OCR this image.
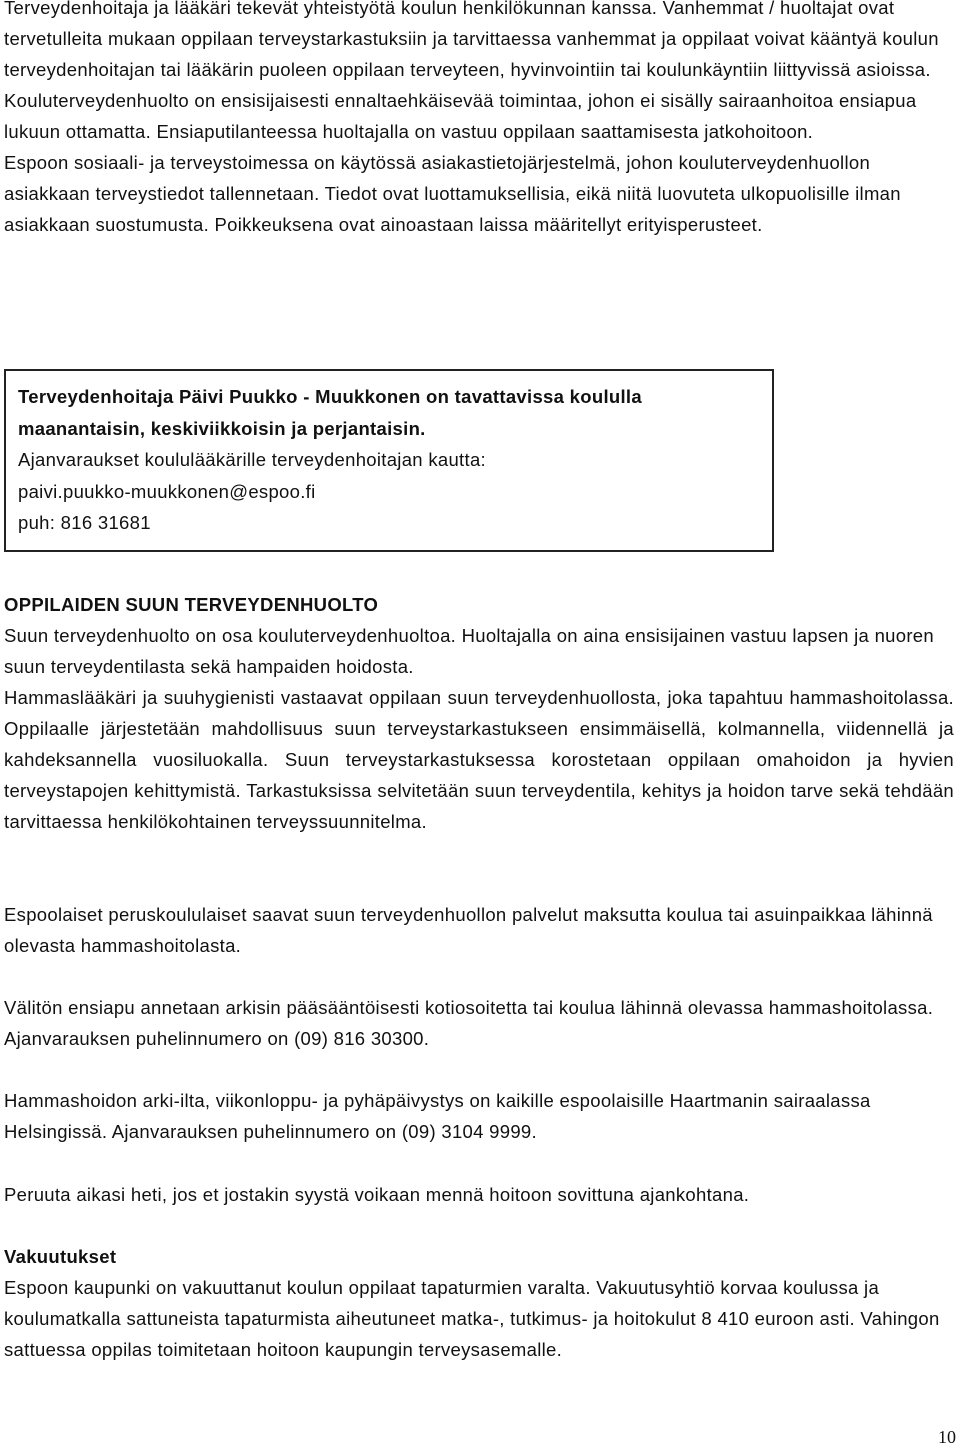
Terveydenhoitaja ja lääkäri tekevät yhteistyötä koulun henkilökunnan kanssa. Vanhemmat / huoltajat ovat tervetulleita mukaan oppilaan terveystarkastuksiin ja tarvittaessa vanhemmat ja oppilaat voivat kääntyä koulun terveydenhoitajan tai lääkärin puoleen oppilaan terveyteen, hyvinvointiin tai koulunkäyntiin liittyvissä asioissa.

Kouluterveydenhuolto on ensisijaisesti ennaltaehkäisevää toimintaa, johon ei sisälly sairaanhoitoa ensiapua lukuun ottamatta. Ensiaputilanteessa huoltajalla on vastuu oppilaan saattamisesta jatkohoitoon.

Espoon sosiaali- ja terveystoimessa on käytössä asiakastietojärjestelmä, johon kouluterveydenhuollon asiakkaan terveystiedot tallennetaan. Tiedot ovat luottamuksellisia, eikä niitä luovuteta ulkopuolisille ilman asiakkaan suostumusta. Poikkeuksena ovat ainoastaan laissa määritellyt erityisperusteet.

Terveydenhoitaja Päivi Puukko - Muukkonen on tavattavissa koululla

maanantaisin, keskiviikkoisin ja perjantaisin.

Ajanvaraukset koululääkärille terveydenhoitajan kautta:

paivi.puukko-muukkonen@espoo.fi

puh: 816 31681

OPPILAIDEN SUUN TERVEYDENHUOLTO

Suun terveydenhuolto on osa kouluterveydenhuoltoa. Huoltajalla on aina ensisijainen vastuu lapsen ja nuoren suun terveydentilasta sekä hampaiden hoidosta.

Hammaslääkäri ja suuhygienisti vastaavat oppilaan suun terveydenhuollosta, joka tapahtuu hammashoitolassa. Oppilaalle järjestetään mahdollisuus suun terveystarkastukseen ensimmäisellä, kolmannella, viidennellä ja kahdeksannella vuosiluokalla. Suun terveystarkastuksessa korostetaan oppilaan omahoidon ja hyvien terveystapojen kehittymistä. Tarkastuksissa selvitetään suun terveydentila, kehitys ja hoidon tarve sekä tehdään tarvittaessa henkilökohtainen terveyssuunnitelma.

Espoolaiset peruskoululaiset saavat suun terveydenhuollon palvelut maksutta koulua tai asuinpaikkaa lähinnä olevasta hammashoitolasta.

Välitön ensiapu annetaan arkisin pääsääntöisesti kotiosoitetta tai koulua lähinnä olevassa hammashoitolassa. Ajanvarauksen puhelinnumero on (09) 816 30300.

Hammashoidon arki-ilta, viikonloppu- ja pyhäpäivystys on kaikille espoolaisille Haartmanin sairaalassa Helsingissä. Ajanvarauksen puhelinnumero on (09) 3104 9999.

Peruuta aikasi heti, jos et jostakin syystä voikaan mennä hoitoon sovittuna ajankohtana.

Vakuutukset

Espoon kaupunki on vakuuttanut koulun oppilaat tapaturmien varalta. Vakuutusyhtiö korvaa koulussa ja koulumatkalla sattuneista tapaturmista aiheutuneet matka-, tutkimus- ja hoitokulut 8 410 euroon asti. Vahingon sattuessa oppilas toimitetaan hoitoon kaupungin terveysasemalle.

10
